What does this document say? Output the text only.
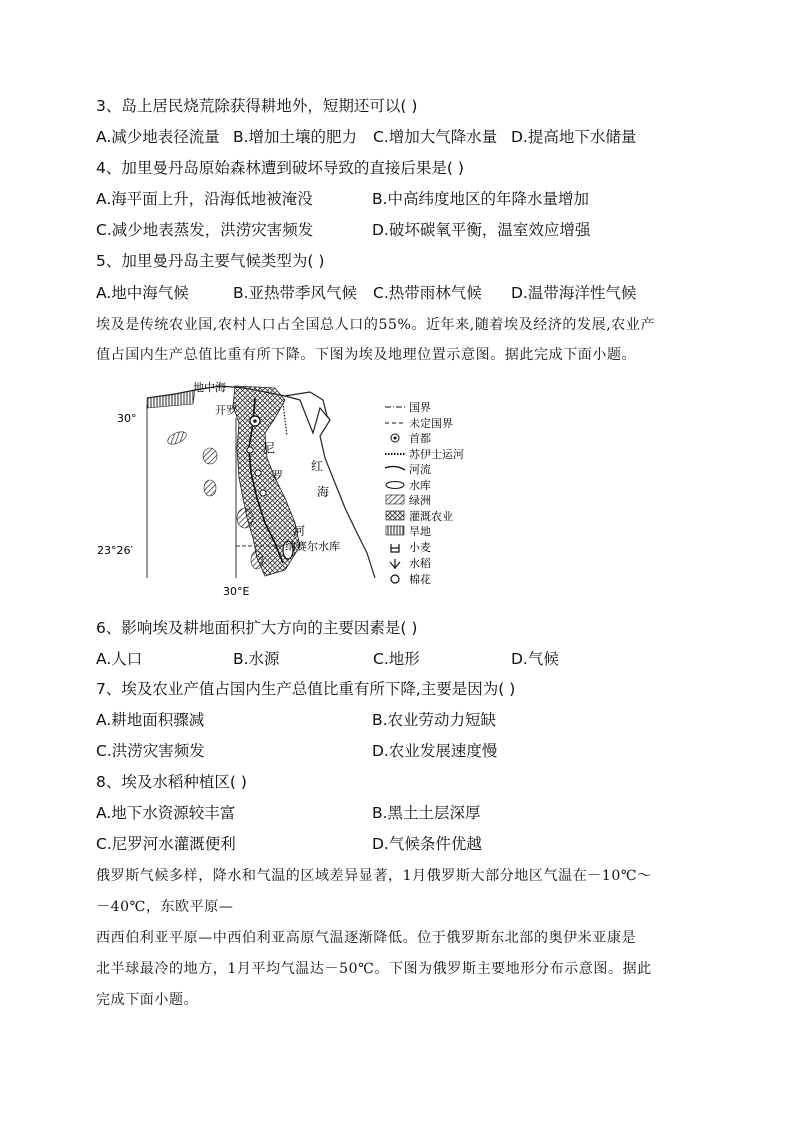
3、岛上居民烧荒除获得耕地外，短期还可以( )
A.减少地表径流量 B.增加土壤的肥力 C.增加大气降水量 D.提高地下水储量
4、加里曼丹岛原始森林遭到破坏导致的直接后果是( )
A.海平面上升，沿海低地被淹没	B.中高纬度地区的年降水量增加
C.减少地表蒸发，洪涝灾害频发	D.破坏碳氧平衡，温室效应增强
5、加里曼丹岛主要气候类型为( )
A.地中海气候	B.亚热带季风气候 C.热带雨林气候 D.温带海洋性气候
埃及是传统农业国,农村人口占全国总人口的55%。近年来,随着埃及经济的发展,农业产
值占国内生产总值比重有所下降。下图为埃及地理位置示意图。据此完成下面小题。
地中海
开罗
30°
尼
罗
河
红
海
纳赛尔水库
23°26′
30°E
国界
未定国界
首都
苏伊士运河
河流
水库
绿洲
灌溉农业
旱地
小麦
水稻
棉花
6、影响埃及耕地面积扩大方向的主要因素是( )
A.人口	B.水源	C.地形	D.气候
7、埃及农业产值占国内生产总值比重有所下降,主要是因为( )
A.耕地面积骤减	B.农业劳动力短缺
C.洪涝灾害频发	D.农业发展速度慢
8、埃及水稻种植区( )
A.地下水资源较丰富	B.黑土土层深厚
C.尼罗河水灌溉便利	D.气候条件优越
俄罗斯气候多样，降水和气温的区域差异显著，1月俄罗斯大部分地区气温在－10℃～
－40℃，东欧平原—
西西伯利亚平原—中西伯利亚高原气温逐渐降低。位于俄罗斯东北部的奥伊米亚康是
北半球最冷的地方，1月平均气温达－50℃。下图为俄罗斯主要地形分布示意图。据此
完成下面小题。
